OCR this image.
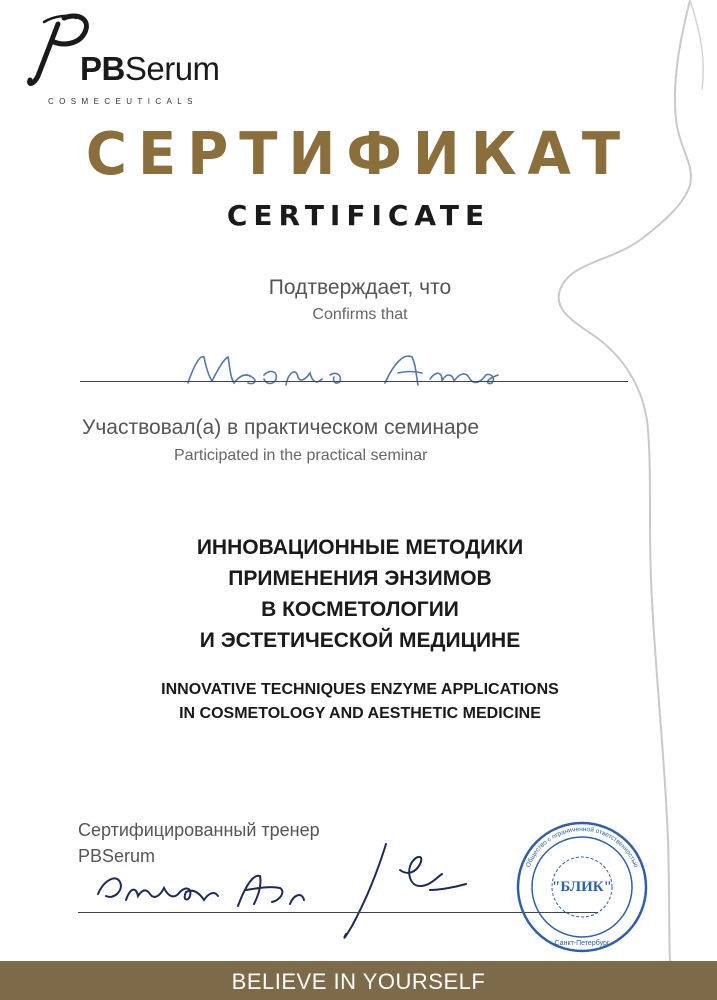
PBSerum
COSMECEUTICALS
СЕРТИФИКАТ
CERTIFICATE
Подтверждает, что
Confirms that
Участвовал(а) в практическом семинаре
Participated in the practical seminar
ИННОВАЦИОННЫЕ МЕТОДИКИ
ПРИМЕНЕНИЯ ЭНЗИМОВ
В КОСМЕТОЛОГИИ
И ЭСТЕТИЧЕСКОЙ МЕДИЦИНЕ
INNOVATIVE TECHNIQUES ENZYME APPLICATIONS
IN COSMETOLOGY AND AESTHETIC MEDICINE
Сертифицированный тренер
PBSerum
"БЛИК"
Санкт-Петербург
Общество с ограниченной ответственностью
BELIEVE IN YOURSELF
